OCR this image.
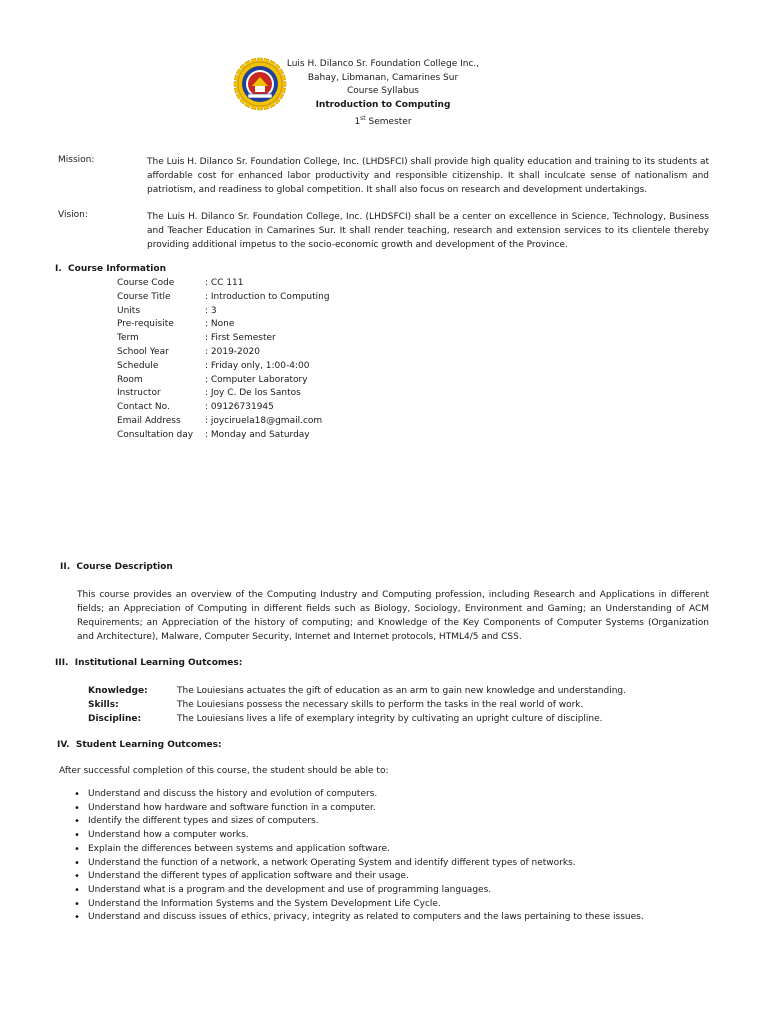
Luis H. Dilanco Sr. Foundation College Inc.,
Bahay, Libmanan, Camarines Sur
Course Syllabus
Introduction to Computing
1st Semester
Mission:	The Luis H. Dilanco Sr. Foundation College, Inc. (LHDSFCI) shall provide high quality education and training to its students at affordable cost for enhanced labor productivity and responsible citizenship. It shall inculcate sense of nationalism and patriotism, and readiness to global competition. It shall also focus on research and development undertakings.
Vision:	The Luis H. Dilanco Sr. Foundation College, Inc. (LHDSFCI) shall be a center on excellence in Science, Technology, Business and Teacher Education in Camarines Sur. It shall render teaching, research and extension services to its clientele thereby providing additional impetus to the socio-economic growth and development of the Province.
I.  Course Information
Course Code	: CC 111
Course Title	: Introduction to Computing
Units	: 3
Pre-requisite	: None
Term	: First Semester
School Year	: 2019-2020
Schedule	: Friday only, 1:00-4:00
Room	: Computer Laboratory
Instructor	: Joy C. De los Santos
Contact No.	: 09126731945
Email Address	: joyciruela18@gmail.com
Consultation day	: Monday and Saturday
II.  Course Description
This course provides an overview of the Computing Industry and Computing profession, including Research and Applications in different fields; an Appreciation of Computing in different fields such as Biology, Sociology, Environment and Gaming; an Understanding of ACM Requirements; an Appreciation of the history of computing; and Knowledge of the Key Components of Computer Systems (Organization and Architecture), Malware, Computer Security, Internet and Internet protocols, HTML4/5 and CSS.
III.  Institutional Learning Outcomes:
Knowledge:	The Louiesians actuates the gift of education as an arm to gain new knowledge and understanding.
Skills:	The Louiesians possess the necessary skills to perform the tasks in the real world of work.
Discipline:	The Louiesians lives a life of exemplary integrity by cultivating an upright culture of discipline.
IV.  Student Learning Outcomes:
After successful completion of this course, the student should be able to:
• Understand and discuss the history and evolution of computers.
• Understand how hardware and software function in a computer.
• Identify the different types and sizes of computers.
• Understand how a computer works.
• Explain the differences between systems and application software.
• Understand the function of a network, a network Operating System and identify different types of networks.
• Understand the different types of application software and their usage.
• Understand what is a program and the development and use of programming languages.
• Understand the Information Systems and the System Development Life Cycle.
• Understand and discuss issues of ethics, privacy, integrity as related to computers and the laws pertaining to these issues.
